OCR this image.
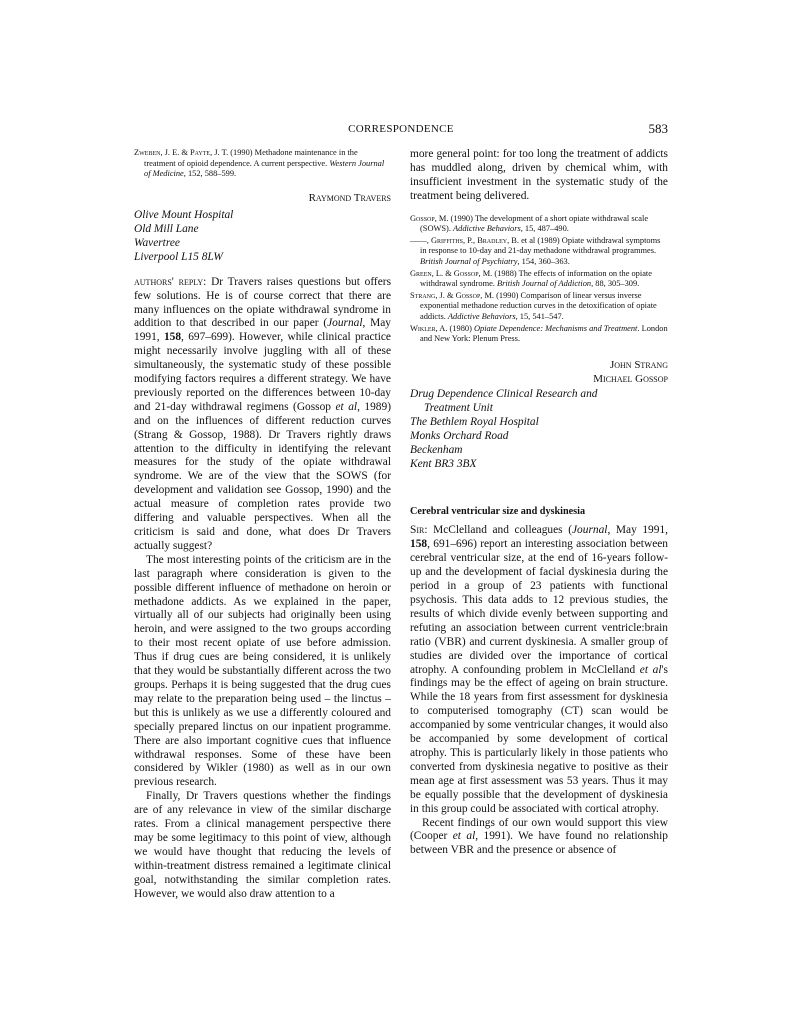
CORRESPONDENCE	583

Zweben, J. E. & Payte, J. T. (1990) Methadone maintenance in the treatment of opioid dependence. A current perspective. Western Journal of Medicine, 152, 588–599.

Raymond Travers
Olive Mount Hospital
Old Mill Lane
Wavertree
Liverpool L15 8LW

authors' reply: Dr Travers raises questions but offers few solutions. He is of course correct that there are many influences on the opiate withdrawal syndrome in addition to that described in our paper (Journal, May 1991, 158, 697–699). However, while clinical practice might necessarily involve juggling with all of these simultaneously, the systematic study of these possible modifying factors requires a different strategy. We have previously reported on the differences between 10-day and 21-day withdrawal regimens (Gossop et al, 1989) and on the influences of different reduction curves (Strang & Gossop, 1988). Dr Travers rightly draws attention to the difficulty in identifying the relevant measures for the study of the opiate withdrawal syndrome. We are of the view that the SOWS (for development and validation see Gossop, 1990) and the actual measure of completion rates provide two differing and valuable perspectives. When all the criticism is said and done, what does Dr Travers actually suggest?

The most interesting points of the criticism are in the last paragraph where consideration is given to the possible different influence of methadone on heroin or methadone addicts. As we explained in the paper, virtually all of our subjects had originally been using heroin, and were assigned to the two groups according to their most recent opiate of use before admission. Thus if drug cues are being considered, it is unlikely that they would be substantially different across the two groups. Perhaps it is being suggested that the drug cues may relate to the preparation being used – the linctus – but this is unlikely as we use a differently coloured and specially prepared linctus on our inpatient programme. There are also important cognitive cues that influence withdrawal responses. Some of these have been considered by Wikler (1980) as well as in our own previous research.

Finally, Dr Travers questions whether the findings are of any relevance in view of the similar discharge rates. From a clinical management perspective there may be some legitimacy to this point of view, although we would have thought that reducing the levels of within-treatment distress remained a legitimate clinical goal, notwithstanding the similar completion rates. However, we would also draw attention to a

more general point: for too long the treatment of addicts has muddled along, driven by chemical whim, with insufficient investment in the systematic study of the treatment being delivered.

Gossop, M. (1990) The development of a short opiate withdrawal scale (SOWS). Addictive Behaviors, 15, 487–490.

——, Griffiths, P., Bradley, B. et al (1989) Opiate withdrawal symptoms in response to 10-day and 21-day methadone withdrawal programmes. British Journal of Psychiatry, 154, 360–363.

Green, L. & Gossop, M. (1988) The effects of information on the opiate withdrawal syndrome. British Journal of Addiction, 88, 305–309.

Strang, J. & Gossop, M. (1990) Comparison of linear versus inverse exponential methadone reduction curves in the detoxification of opiate addicts. Addictive Behaviors, 15, 541–547.

Wikler, A. (1980) Opiate Dependence: Mechanisms and Treatment. London and New York: Plenum Press.

John Strang
Michael Gossop
Drug Dependence Clinical Research and
Treatment Unit
The Bethlem Royal Hospital
Monks Orchard Road
Beckenham
Kent BR3 3BX
Cerebral ventricular size and dyskinesia

Sir: McClelland and colleagues (Journal, May 1991, 158, 691–696) report an interesting association between cerebral ventricular size, at the end of 16-years follow-up and the development of facial dyskinesia during the period in a group of 23 patients with functional psychosis. This data adds to 12 previous studies, the results of which divide evenly between supporting and refuting an association between current ventricle:brain ratio (VBR) and current dyskinesia. A smaller group of studies are divided over the importance of cortical atrophy. A confounding problem in McClelland et al's findings may be the effect of ageing on brain structure. While the 18 years from first assessment for dyskinesia to computerised tomography (CT) scan would be accompanied by some ventricular changes, it would also be accompanied by some development of cortical atrophy. This is particularly likely in those patients who converted from dyskinesia negative to positive as their mean age at first assessment was 53 years. Thus it may be equally possible that the development of dyskinesia in this group could be associated with cortical atrophy.

Recent findings of our own would support this view (Cooper et al, 1991). We have found no relationship between VBR and the presence or absence of
